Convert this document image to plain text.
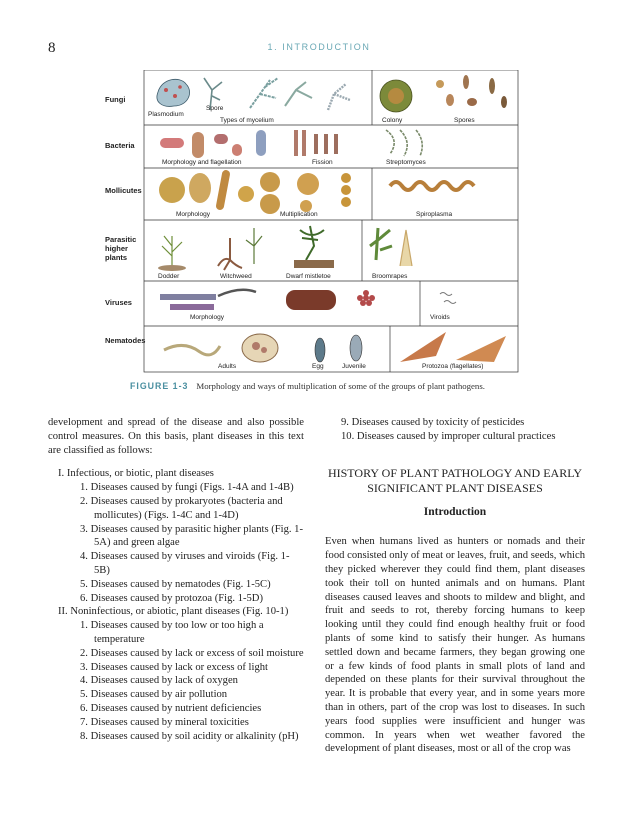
8	1. INTRODUCTION
Plasmodium
Spore
Types of mycelium	Colony	Spores
Morphology and flagellation	Fission	Streptomyces
Morphology	Multiplication	Spiroplasma
Dodder	Witchweed	Dwarf mistletoe	Broomrapes
Morphology	Viroids
Adults	Egg	Juvenile	Protozoa (flagellates)
Fungi
Bacteria
Mollicutes
Parasitic
higher
plants
Viruses
Nematodes
FIGURE 1-3 Morphology and ways of multiplication of some of the groups of plant pathogens.

development and spread of the disease and also possible control measures. On this basis, plant diseases in this text are classified as follows:

I. Infectious, or biotic, plant diseases
1. Diseases caused by fungi (Figs. 1-4A and 1-4B)
2. Diseases caused by prokaryotes (bacteria and mollicutes) (Figs. 1-4C and 1-4D)
3. Diseases caused by parasitic higher plants (Fig. 1-5A) and green algae
4. Diseases caused by viruses and viroids (Fig. 1-5B)
5. Diseases caused by nematodes (Fig. 1-5C)
6. Diseases caused by protozoa (Fig. 1-5D)
II. Noninfectious, or abiotic, plant diseases (Fig. 10-1)
1. Diseases caused by too low or too high a temperature
2. Diseases caused by lack or excess of soil moisture
3. Diseases caused by lack or excess of light
4. Diseases caused by lack of oxygen
5. Diseases caused by air pollution
6. Diseases caused by nutrient deficiencies
7. Diseases caused by mineral toxicities
8. Diseases caused by soil acidity or alkalinity (pH)
9. Diseases caused by toxicity of pesticides
10. Diseases caused by improper cultural practices
HISTORY OF PLANT PATHOLOGY AND EARLY SIGNIFICANT PLANT DISEASES
Introduction

Even when humans lived as hunters or nomads and their food consisted only of meat or leaves, fruit, and seeds, which they picked wherever they could find them, plant diseases took their toll on hunted animals and on humans. Plant diseases caused leaves and shoots to mildew and blight, and fruit and seeds to rot, thereby forcing humans to keep looking until they could find enough healthy fruit or food plants of some kind to satisfy their hunger. As humans settled down and became farmers, they began growing one or a few kinds of food plants in small plots of land and depended on these plants for their survival throughout the year. It is probable that every year, and in some years more than in others, part of the crop was lost to diseases. In such years food supplies were insufficient and hunger was common. In years when wet weather favored the development of plant diseases, most or all of the crop was
